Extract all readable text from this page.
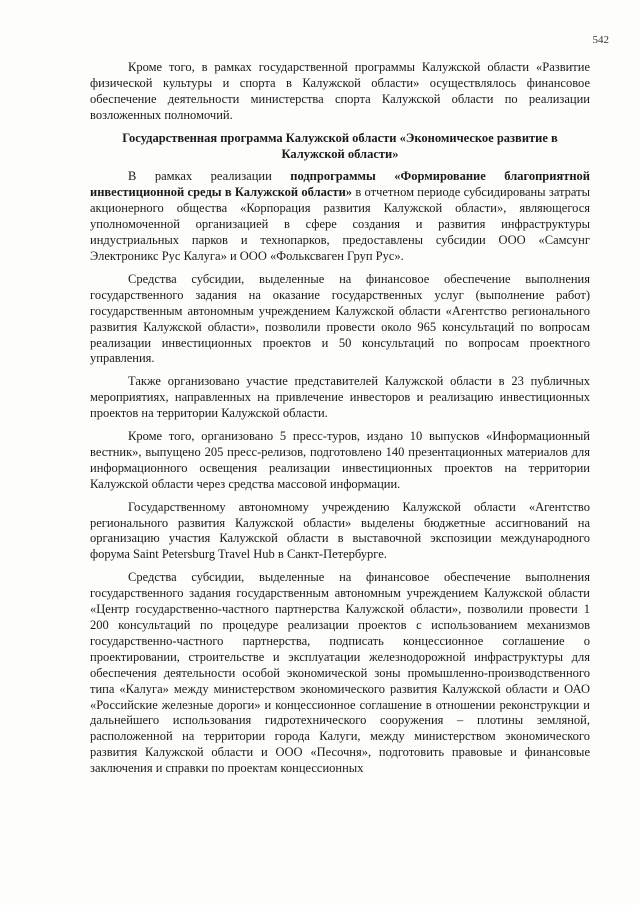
542

Кроме того, в рамках государственной программы Калужской области «Развитие физической культуры и спорта в Калужской области» осуществлялось финансовое обеспечение деятельности министерства спорта Калужской области по реализации возложенных полномочий.

Государственная программа Калужской области «Экономическое развитие в Калужской области»

В рамках реализации подпрограммы «Формирование благоприятной инвестиционной среды в Калужской области» в отчетном периоде субсидированы затраты акционерного общества «Корпорация развития Калужской области», являющегося уполномоченной организацией в сфере создания и развития инфраструктуры индустриальных парков и технопарков, предоставлены субсидии ООО «Самсунг Электроникс Рус Калуга» и ООО «Фольксваген Груп Рус».

Средства субсидии, выделенные на финансовое обеспечение выполнения государственного задания на оказание государственных услуг (выполнение работ) государственным автономным учреждением Калужской области «Агентство регионального развития Калужской области», позволили провести около 965 консультаций по вопросам реализации инвестиционных проектов и 50 консультаций по вопросам проектного управления.

Также организовано участие представителей Калужской области в 23 публичных мероприятиях, направленных на привлечение инвесторов и реализацию инвестиционных проектов на территории Калужской области.

Кроме того, организовано 5 пресс-туров, издано 10 выпусков «Информационный вестник», выпущено 205 пресс-релизов, подготовлено 140 презентационных материалов для информационного освещения реализации инвестиционных проектов на территории Калужской области через средства массовой информации.

Государственному автономному учреждению Калужской области «Агентство регионального развития Калужской области» выделены бюджетные ассигнований на организацию участия Калужской области в выставочной экспозиции международного форума Saint Petersburg Travel Hub в Санкт-Петербурге.

Средства субсидии, выделенные на финансовое обеспечение выполнения государственного задания государственным автономным учреждением Калужской области «Центр государственно-частного партнерства Калужской области», позволили провести 1 200 консультаций по процедуре реализации проектов с использованием механизмов государственно-частного партнерства, подписать концессионное соглашение о проектировании, строительстве и эксплуатации железнодорожной инфраструктуры для обеспечения деятельности особой экономической зоны промышленно-производственного типа «Калуга» между министерством экономического развития Калужской области и ОАО «Российские железные дороги» и концессионное соглашение в отношении реконструкции и дальнейшего использования гидротехнического сооружения – плотины земляной, расположенной на территории города Калуги, между министерством экономического развития Калужской области и ООО «Песочня», подготовить правовые и финансовые заключения и справки по проектам концессионных
